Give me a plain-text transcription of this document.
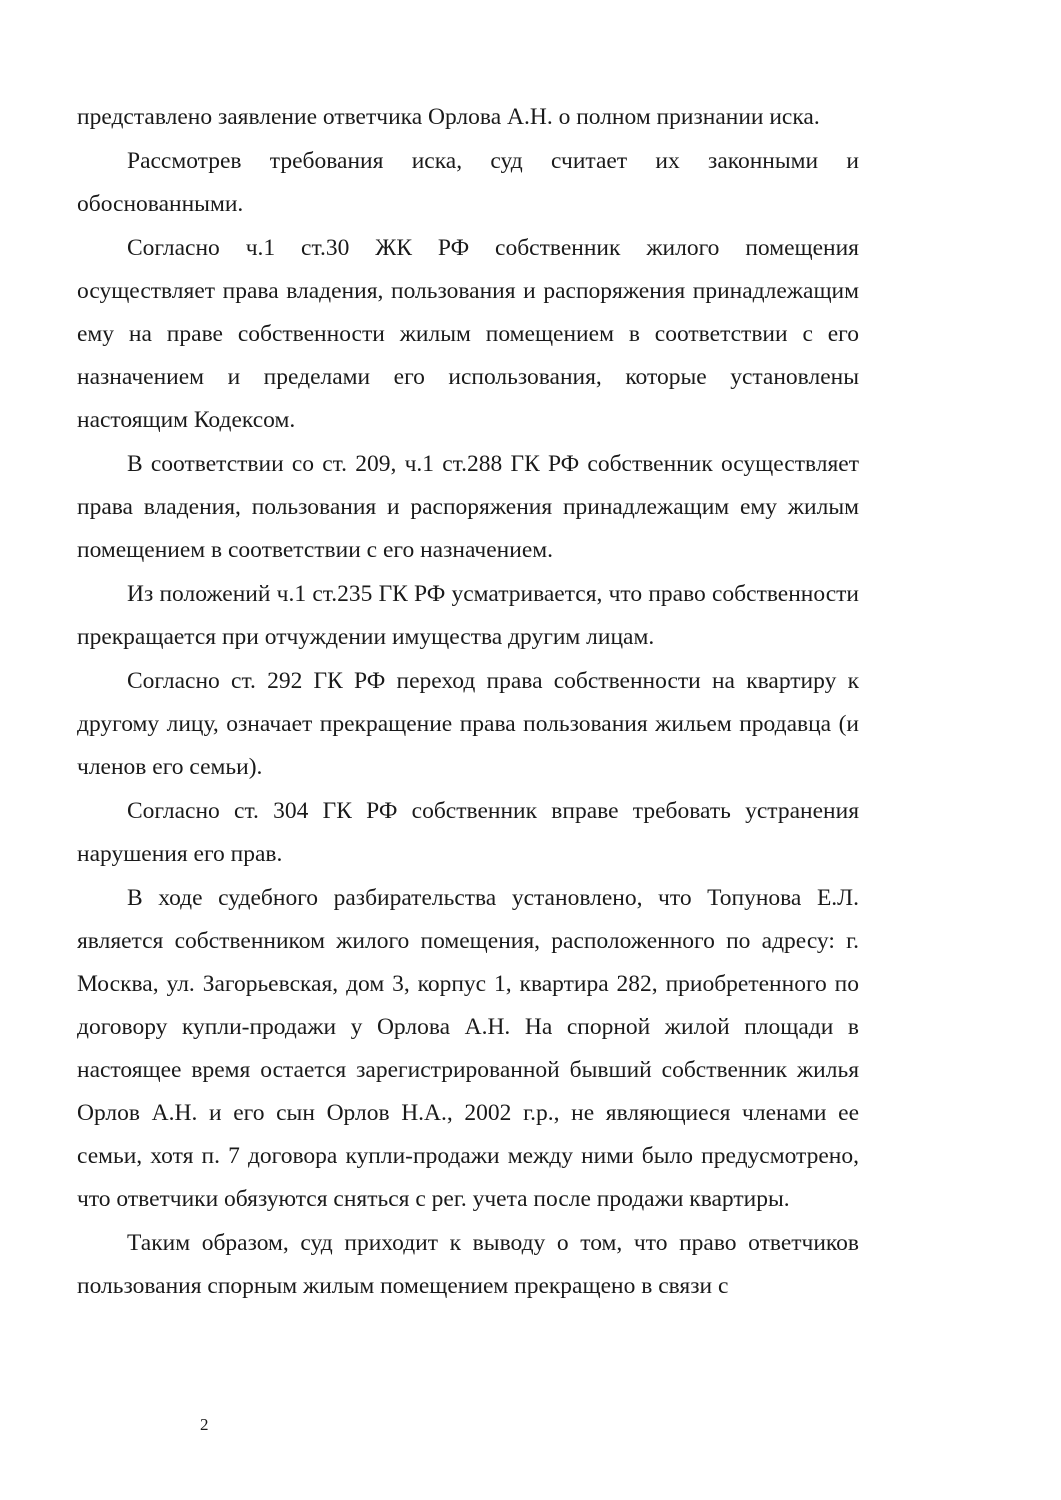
представлено заявление ответчика Орлова А.Н. о полном признании иска.

Рассмотрев требования иска, суд считает их законными и обоснованными.

Согласно ч.1 ст.30 ЖК РФ собственник жилого помещения осуществляет права владения, пользования и распоряжения принадлежащим ему на праве собственности жилым помещением в соответствии с его назначением и пределами его использования, которые установлены настоящим Кодексом.

В соответствии со ст. 209, ч.1 ст.288 ГК РФ собственник осуществляет права владения, пользования и распоряжения принадлежащим ему жилым помещением в соответствии с его назначением.

Из положений ч.1 ст.235 ГК РФ усматривается, что право собственности прекращается при отчуждении имущества другим лицам.

Согласно ст. 292 ГК РФ переход права собственности на квартиру к другому лицу, означает прекращение права пользования жильем продавца (и членов его семьи).

Согласно ст. 304 ГК РФ собственник вправе требовать устранения нарушения его прав.

В ходе судебного разбирательства установлено, что Топунова Е.Л. является собственником жилого помещения, расположенного по адресу: г. Москва, ул. Загорьевская, дом 3, корпус 1, квартира 282, приобретенного по договору купли-продажи у Орлова А.Н. На спорной жилой площади в настоящее время остается зарегистрированной бывший собственник жилья Орлов А.Н. и его сын Орлов Н.А., 2002 г.р., не являющиеся членами ее семьи, хотя п. 7 договора купли-продажи между ними было предусмотрено, что ответчики обязуются сняться с рег. учета после продажи квартиры.

Таким образом, суд приходит к выводу о том, что право ответчиков пользования спорным жилым помещением прекращено в связи с

2
